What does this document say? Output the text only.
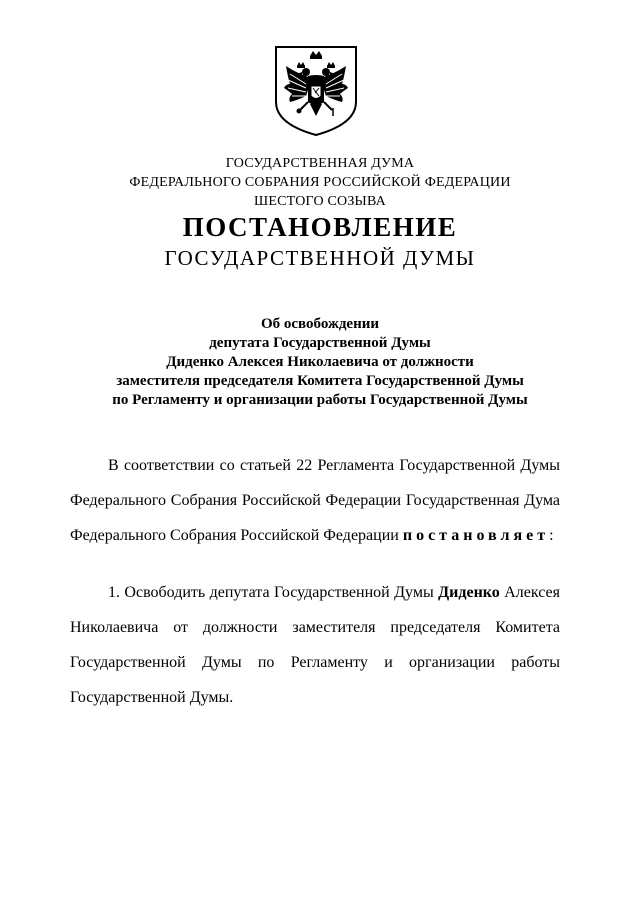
ГОСУДАРСТВЕННАЯ ДУМА
ФЕДЕРАЛЬНОГО СОБРАНИЯ РОССИЙСКОЙ ФЕДЕРАЦИИ
ШЕСТОГО СОЗЫВА
ПОСТАНОВЛЕНИЕ
ГОСУДАРСТВЕННОЙ ДУМЫ
Об освобождении
депутата Государственной Думы
Диденко Алексея Николаевича от должности
заместителя председателя Комитета Государственной Думы
по Регламенту и организации работы Государственной Думы
В соответствии со статьей 22 Регламента Государственной Думы
Федерального Собрания Российской Федерации Государственная Дума
Федерального Собрания Российской Федерации постановляет:
1. Освободить депутата Государственной Думы Диденко Алексея
Николаевича от должности заместителя председателя Комитета
Государственной Думы по Регламенту и организации работы
Государственной Думы.
